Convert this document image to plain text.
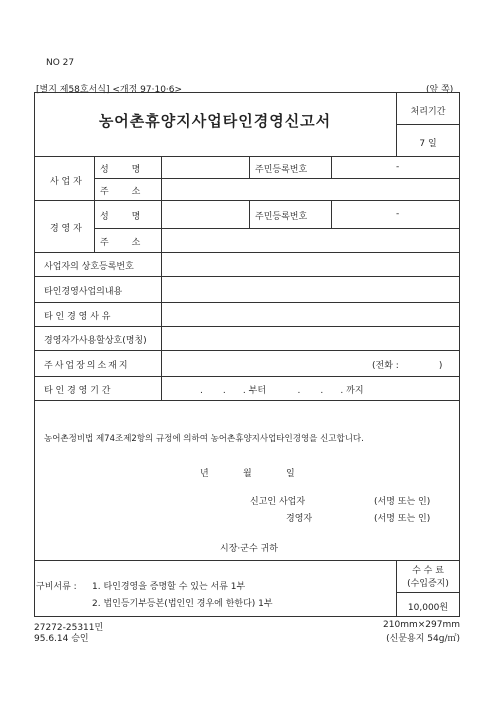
NO 27
[별지 제58호서식] <개정 97·10·6>	(앞 쪽)
농어촌휴양지사업타인경영신고서	처리기간
7 일
사 업 자
성        명	주민등록번호	-
주        소
경 영 자
성        명	주민등록번호	-
주        소
사업자의 상호등록번호
타인경영사업의내용
타 인 경 영 사 유
경영자가사용할상호(명칭)
주사업장의소재지	(전화 :              )
타 인 경 영 기 간	.       .      . 부터           .       .      . 까지
농어촌정비법 제74조제2항의 규정에 의하여 농어촌휴양지사업타인경영을 신고합니다.
년            월            일
신고인 사업자	(서명 또는 인)
경영자	(서명 또는 인)
시장·군수 귀하
구비서류 : 1. 타인경영을 증명할 수 있는 서류 1부
2. 법인등기부등본(법인인 경우에 한한다) 1부
수 수 료
(수입증지)
10,000원
27272-25311민
95.6.14 승인
210mm×297mm
(신문용지 54g/㎡)
